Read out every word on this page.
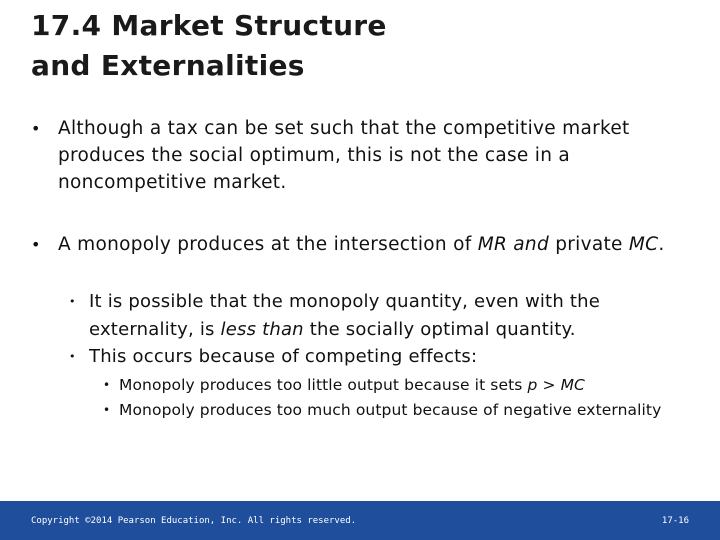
17.4 Market Structure
and Externalities
• Although a tax can be set such that the competitive market produces the social optimum, this is not the case in a noncompetitive market.
• A monopoly produces at the intersection of MR and private MC.
• It is possible that the monopoly quantity, even with the externality, is less than the socially optimal quantity.
• This occurs because of competing effects:
• Monopoly produces too little output because it sets p > MC
• Monopoly produces too much output because of negative externality
Copyright ©2014 Pearson Education, Inc. All rights reserved.	17-16
